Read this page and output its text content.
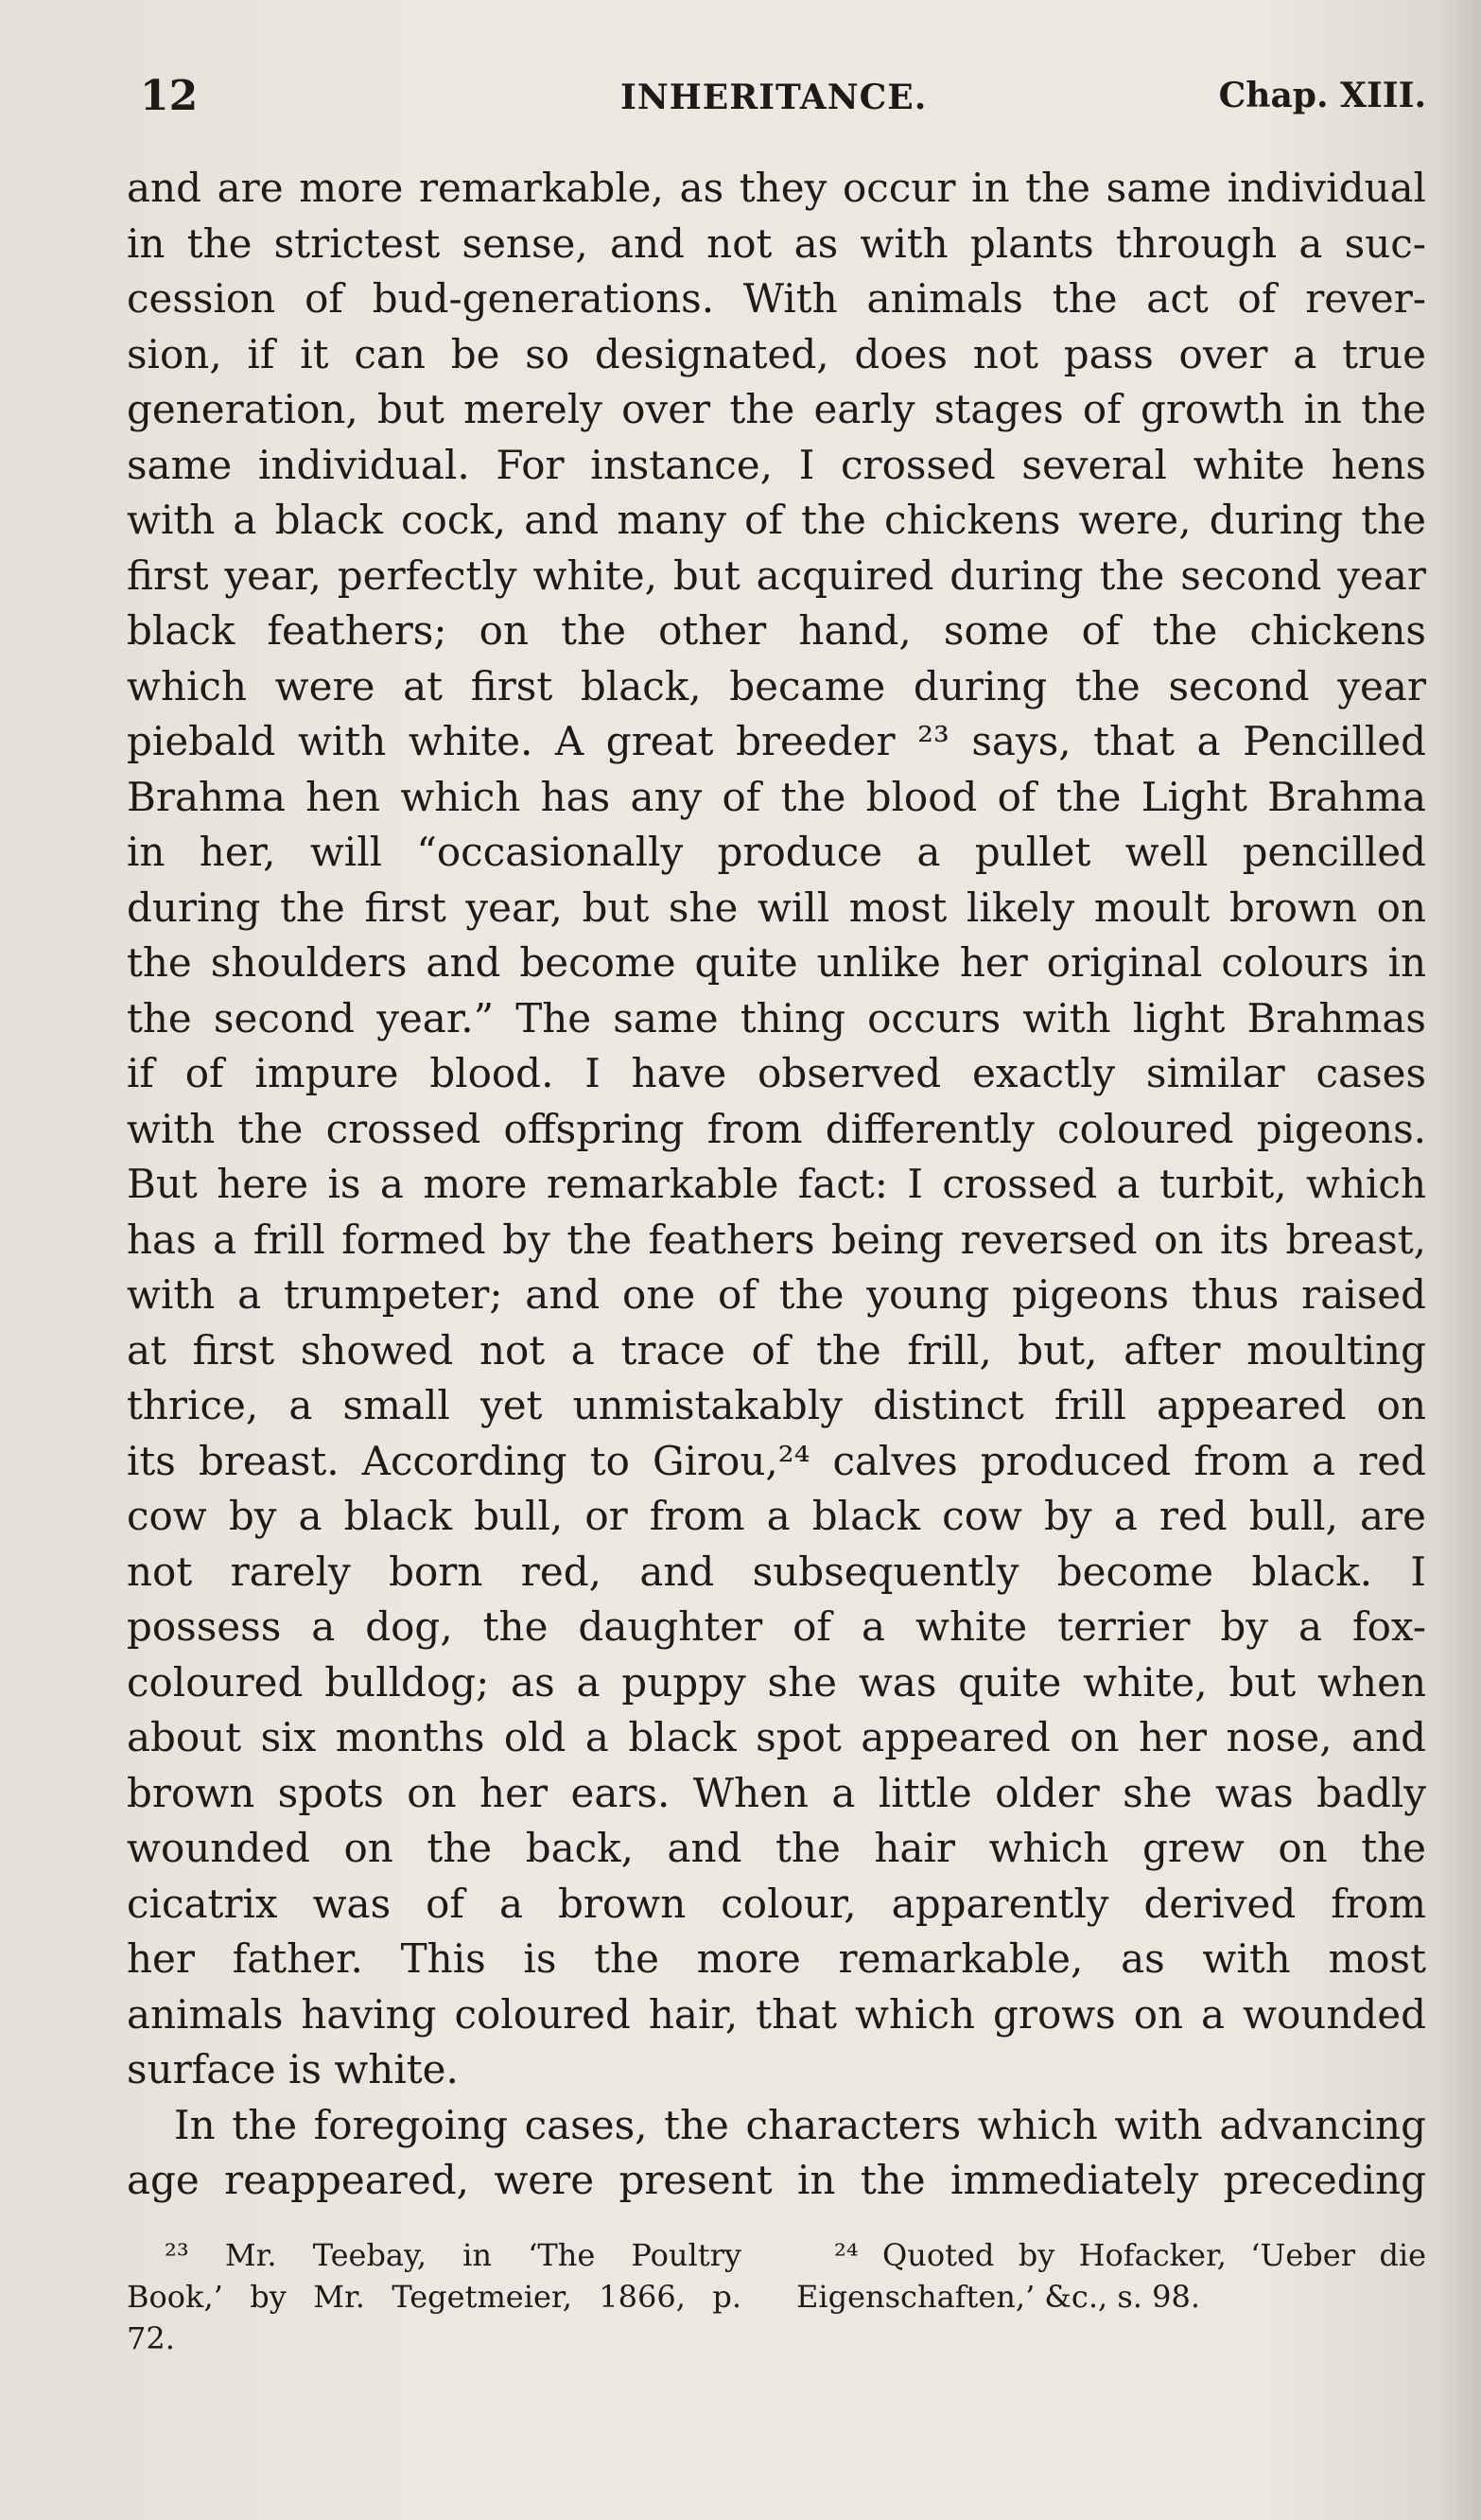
12	INHERITANCE.	Chap. XIII.
and are more remarkable, as they occur in the same individual
in the strictest sense, and not as with plants through a suc-
cession of bud-generations. With animals the act of rever-
sion, if it can be so designated, does not pass over a true
generation, but merely over the early stages of growth in the
same individual. For instance, I crossed several white hens
with a black cock, and many of the chickens were, during the
first year, perfectly white, but acquired during the second year
black feathers; on the other hand, some of the chickens
which were at first black, became during the second year
piebald with white. A great breeder ²³ says, that a Pencilled
Brahma hen which has any of the blood of the Light Brahma
in her, will “occasionally produce a pullet well pencilled
during the first year, but she will most likely moult brown on
the shoulders and become quite unlike her original colours in
the second year.” The same thing occurs with light Brahmas
if of impure blood. I have observed exactly similar cases
with the crossed offspring from differently coloured pigeons.
But here is a more remarkable fact: I crossed a turbit, which
has a frill formed by the feathers being reversed on its breast,
with a trumpeter; and one of the young pigeons thus raised
at first showed not a trace of the frill, but, after moulting
thrice, a small yet unmistakably distinct frill appeared on
its breast. According to Girou,²⁴ calves produced from a red
cow by a black bull, or from a black cow by a red bull, are
not rarely born red, and subsequently become black. I
possess a dog, the daughter of a white terrier by a fox-
coloured bulldog; as a puppy she was quite white, but when
about six months old a black spot appeared on her nose, and
brown spots on her ears. When a little older she was badly
wounded on the back, and the hair which grew on the
cicatrix was of a brown colour, apparently derived from
her father. This is the more remarkable, as with most
animals having coloured hair, that which grows on a wounded
surface is white.
In the foregoing cases, the characters which with advancing
age reappeared, were present in the immediately preceding
²³ Mr. Teebay, in ‘The Poultry
Book,’ by Mr. Tegetmeier, 1866, p.
72.
²⁴ Quoted by Hofacker, ‘Ueber die
Eigenschaften,’ &c., s. 98.
